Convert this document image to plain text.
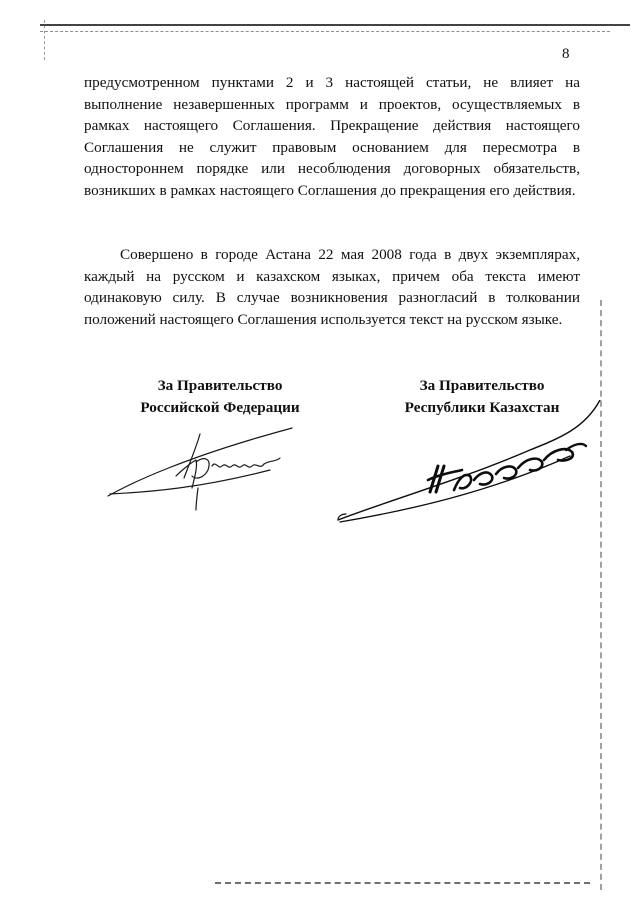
8

предусмотренном пунктами 2 и 3 настоящей статьи, не влияет на выполнение незавершенных программ и проектов, осуществляемых в рамках настоящего Соглашения. Прекращение действия настоящего Соглашения не служит правовым основанием для пересмотра в одностороннем порядке или несоблюдения договорных обязательств, возникших в рамках настоящего Соглашения до прекращения его действия.

Совершено в городе Астана 22 мая 2008 года в двух экземплярах, каждый на русском и казахском языках, причем оба текста имеют одинаковую силу. В случае возникновения разногласий в толковании положений настоящего Соглашения используется текст на русском языке.

За Правительство
Российской Федерации
За Правительство
Республики Казахстан
